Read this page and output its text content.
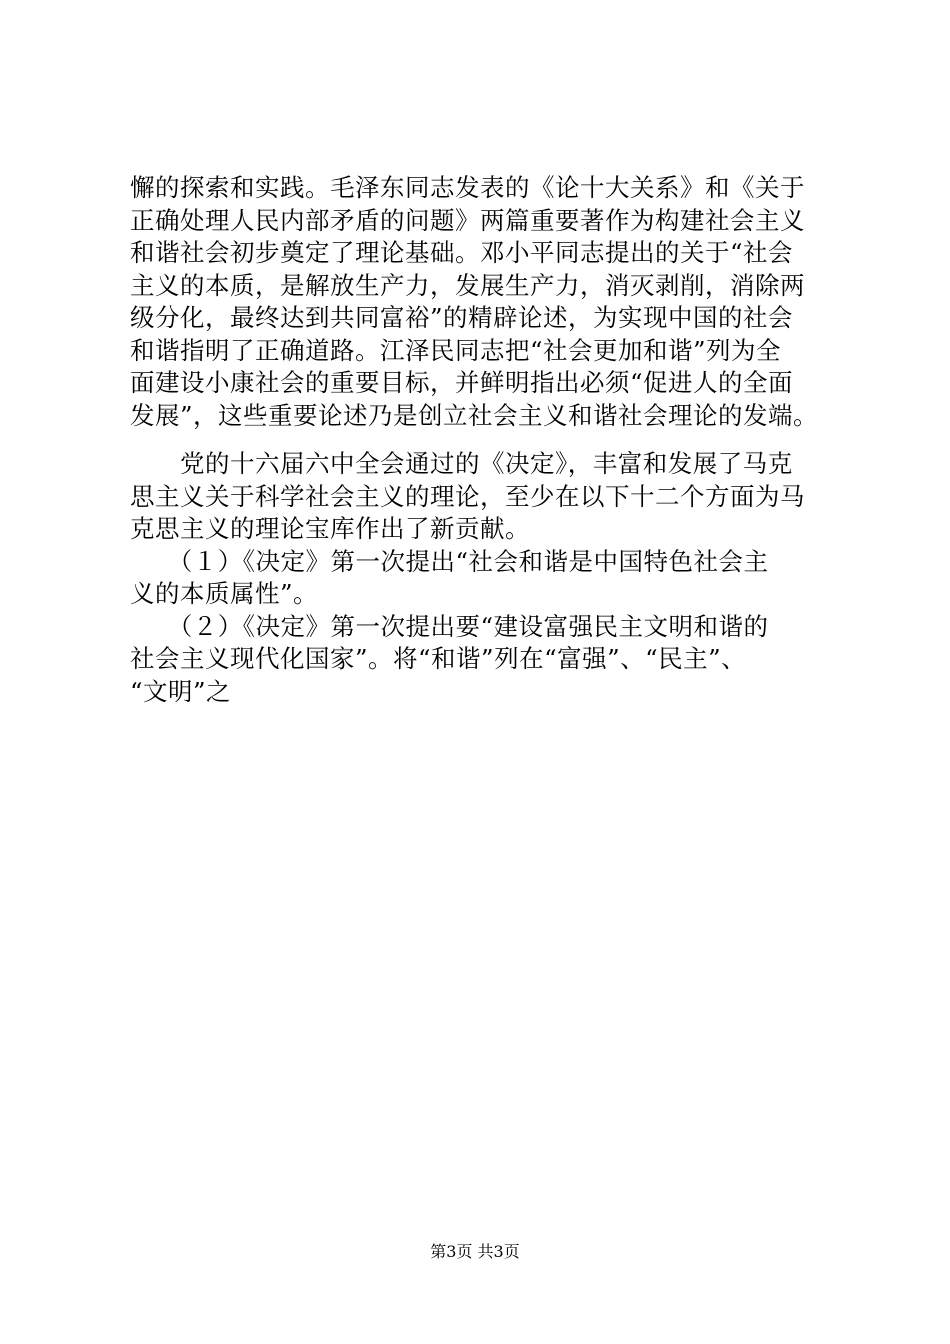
懈的探索和实践。毛泽东同志发表的《论十大关系》和《关于
正确处理人民内部矛盾的问题》两篇重要著作为构建社会主义
和谐社会初步奠定了理论基础。邓小平同志提出的关于“社会
主义的本质，是解放生产力，发展生产力，消灭剥削，消除两
级分化，最终达到共同富裕”的精辟论述，为实现中国的社会
和谐指明了正确道路。江泽民同志把“社会更加和谐”列为全
面建设小康社会的重要目标，并鲜明指出必须“促进人的全面
发展”，这些重要论述乃是创立社会主义和谐社会理论的发端。
　　党的十六届六中全会通过的《决定》，丰富和发展了马克
思主义关于科学社会主义的理论，至少在以下十二个方面为马
克思主义的理论宝库作出了新贡献。
　　（１）《决定》第一次提出“社会和谐是中国特色社会主
义的本质属性”。
　　（２）《决定》第一次提出要“建设富强民主文明和谐的
社会主义现代化国家”。将“和谐”列在“富强”、“民主”、
“文明”之
第3页 共3页
